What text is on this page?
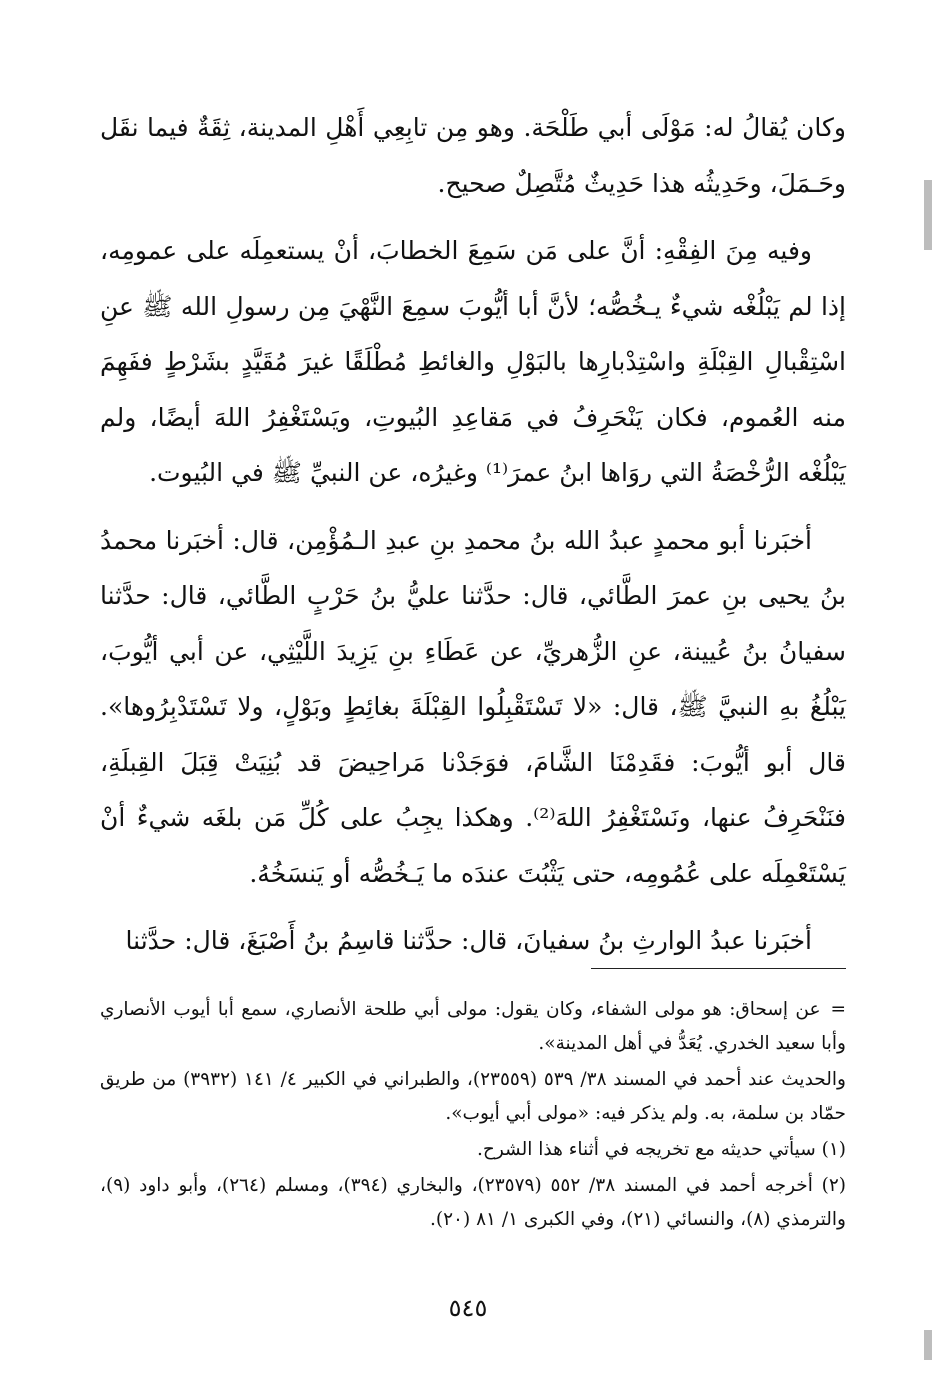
وكان يُقالُ له: مَوْلَى أبي طَلْحَة. وهو مِن تابِعِي أَهْلِ المدينة، ثِقَةٌ فيما نقَل وحَـمَلَ، وحَدِيثُه هذا حَدِيثٌ مُتَّصِلٌ صحيح.

وفيه مِنَ الفِقْهِ: أنَّ على مَن سَمِعَ الخطابَ، أنْ يستعمِلَه على عمومِه، إذا لم يَبْلُغْه شيءٌ يـخُصُّه؛ لأنَّ أبا أيُّوبَ سمِعَ النَّهْيَ مِن رسولِ الله ﷺ عنِ اسْتِقْبالِ القِبْلَةِ واسْتِدْبارِها بالبَوْلِ والغائطِ مُطْلَقًا غيرَ مُقَيَّدٍ بشَرْطٍ ففَهِمَ منه العُموم، فكان يَنْحَرِفُ في مَقاعِدِ البُيوتِ، ويَسْتَغْفِرُ اللهَ أيضًا، ولم يَبْلُغْه الرُّخْصَةُ التي روَاها ابنُ عمرَ⁽¹⁾ وغيرُه، عن النبيِّ ﷺ في البُيوت.

أخبَرنا أبو محمدٍ عبدُ الله بنُ محمدِ بنِ عبدِ الـمُؤْمِن، قال: أخبَرنا محمدُ بنُ يحيى بنِ عمرَ الطَّائي، قال: حدَّثنا عليُّ بنُ حَرْبٍ الطَّائي، قال: حدَّثنا سفيانُ بنُ عُيينة، عنِ الزُّهريِّ، عن عَطَاءِ بنِ يَزِيدَ اللَّيْثِي، عن أبي أيُّوبَ، يَبْلُغُ بهِ النبيَّ ﷺ، قال: «لا تَسْتَقْبِلُوا القِبْلَةَ بغائِطٍ وبَوْلٍ، ولا تَسْتَدْبِرُوها». قال أبو أيُّوبَ: فقَدِمْنَا الشَّامَ، فوَجَدْنا مَراحِيضَ قد بُنِيَتْ قِبَلَ القِبلَةِ، فنَنْحَرِفُ عنها، ونَسْتَغْفِرُ اللهَ⁽²⁾. وهكذا يجِبُ على كُلِّ مَن بلغَه شيءٌ أنْ يَسْتَعْمِلَه على عُمُومِه، حتى يَثْبُتَ عندَه ما يَـخُصُّه أو يَنسَخُهُ.

أخبَرنا عبدُ الوارثِ بنُ سفيانَ، قال: حدَّثنا قاسِمُ بنُ أَصْبَغَ، قال: حدَّثنا

=عن إسحاق: هو مولى الشفاء، وكان يقول: مولى أبي طلحة الأنصاري، سمع أبا أيوب الأنصاري وأبا سعيد الخدري. يُعَدُّ في أهل المدينة».

والحديث عند أحمد في المسند ٣٨/ ٥٣٩ (٢٣٥٥٩)، والطبراني في الكبير ٤/ ١٤١ (٣٩٣٢) من طريق حمّاد بن سلمة، به. ولم يذكر فيه: «مولى أبي أيوب».

(١) سيأتي حديثه مع تخريجه في أثناء هذا الشرح.

(٢) أخرجه أحمد في المسند ٣٨/ ٥٥٢ (٢٣٥٧٩)، والبخاري (٣٩٤)، ومسلم (٢٦٤)، وأبو داود (٩)، والترمذي (٨)، والنسائي (٢١)، وفي الكبرى ١/ ٨١ (٢٠).

٥٤٥
